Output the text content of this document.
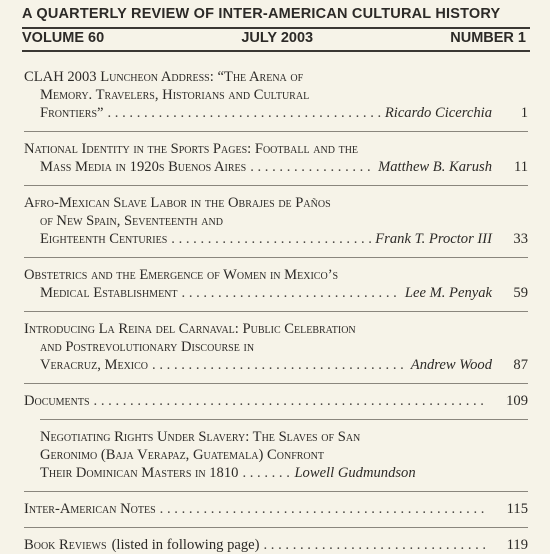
A QUARTERLY REVIEW OF INTER-AMERICAN CULTURAL HISTORY
VOLUME 60	JULY 2003	NUMBER 1
CLAH 2003 Luncheon Address: “The Arena of
Memory. Travelers, Historians and Cultural
Frontiers” . . .	Ricardo Cicerchia	1
National Identity in the Sports Pages: Football and the
Mass Media in 1920s Buenos Aires . . .	Matthew B. Karush	11
Afro-Mexican Slave Labor in the Obrajes de Paños
of New Spain, Seventeenth and
Eighteenth Centuries . . .	Frank T. Proctor III	33
Obstetrics and the Emergence of Women in Mexico’s
Medical Establishment . . .	Lee M. Penyak	59
Introducing La Reina del Carnaval: Public Celebration
and Postrevolutionary Discourse in
Veracruz, Mexico . . .	Andrew Wood	87
Documents . . .	109
Negotiating Rights Under Slavery: The Slaves of San
Geronimo (Baja Verapaz, Guatemala) Confront
Their Dominican Masters in 1810 . . .	Lowell Gudmundson
Inter-American Notes . . .	115
Book Reviews (listed in following page) . . .	119
